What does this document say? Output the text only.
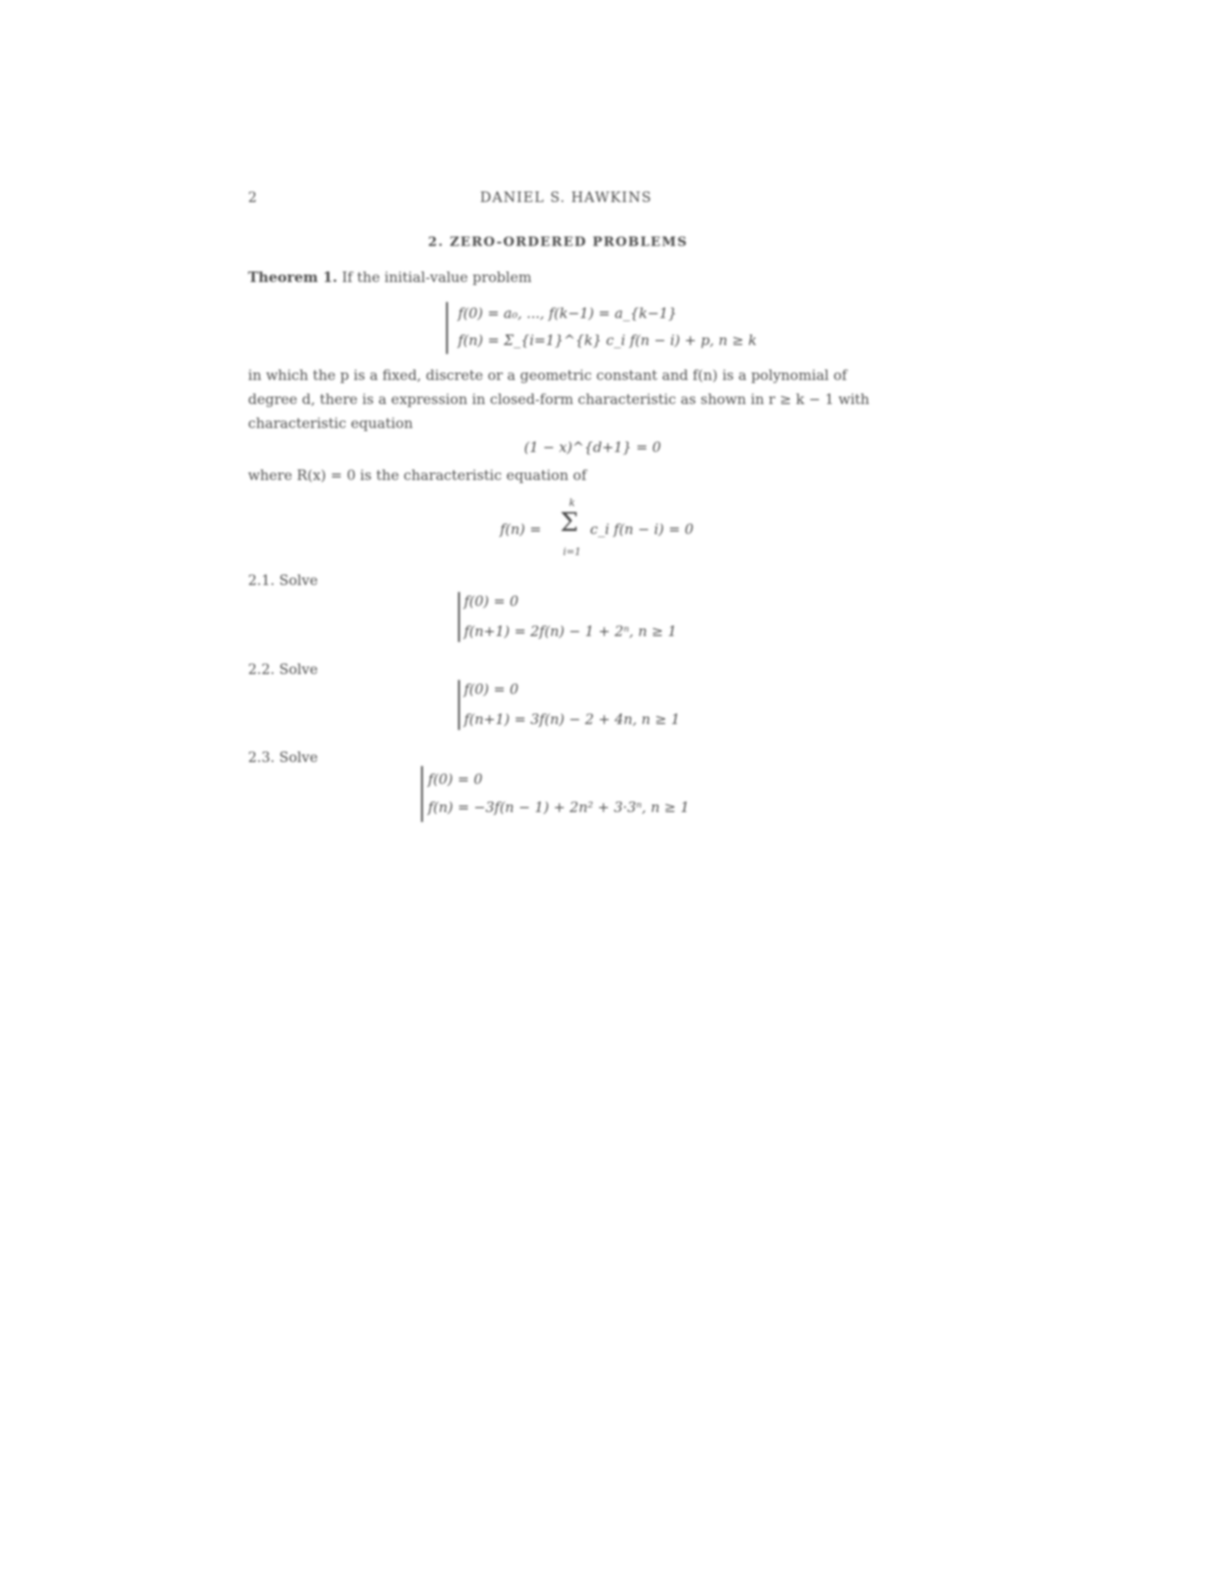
2	DANIEL S. HAWKINS
2. ZERO-ORDERED PROBLEMS
Theorem 1. If the initial-value problem
f(0) = a₀, ..., f(k−1) = a_{k−1}
f(n) = Σ_{i=1}^{k} c_i f(n − i) + p, n ≥ k
in which the p is a fixed, discrete or a geometric constant and f(n) is a polynomial of
degree d, there is a expression in closed-form characteristic as shown in r ≥ k − 1 with
characteristic equation
(1 − x)^{d+1} = 0
where R(x) = 0 is the characteristic equation of
k
f(n) = Σ c_i f(n − i) = 0
i=1
2.1. Solve
f(0) = 0
f(n+1) = 2f(n) − 1 + 2ⁿ, n ≥ 1
2.2. Solve
f(0) = 0
f(n+1) = 3f(n) − 2 + 4n, n ≥ 1
2.3. Solve
f(0) = 0
f(n) = −3f(n − 1) + 2n² + 3·3ⁿ, n ≥ 1
